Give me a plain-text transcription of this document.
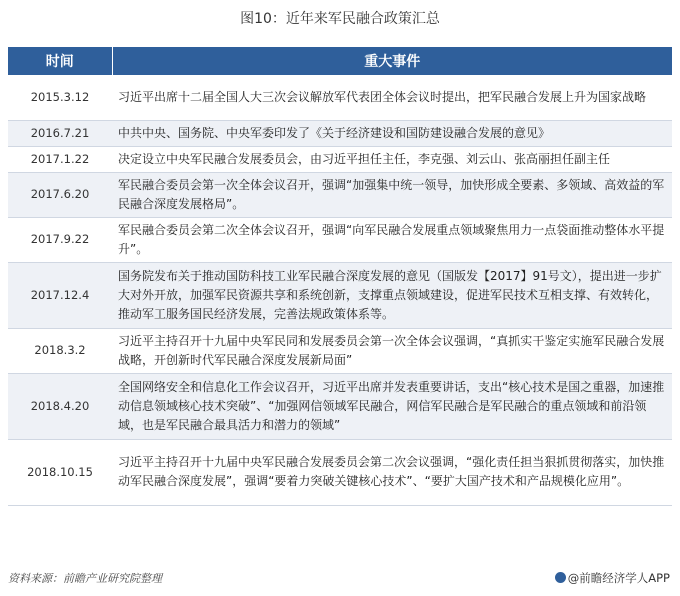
图10：近年来军民融合政策汇总
时间	重大事件
2015.3.12	习近平出席十二届全国人大三次会议解放军代表团全体会议时提出，把军民融合发展上升为国家战略
2016.7.21	中共中央、国务院、中央军委印发了《关于经济建设和国防建设融合发展的意见》
2017.1.22	决定设立中央军民融合发展委员会，由习近平担任主任，李克强、刘云山、张高丽担任副主任
2017.6.20	军民融合委员会第一次全体会议召开，强调“加强集中统一领导，加快形成全要素、多领域、高效益的军民融合深度发展格局”。
2017.9.22	军民融合委员会第二次全体会议召开，强调“向军民融合发展重点领域聚焦用力一点袋面推动整体水平提升”。
2017.12.4	国务院发布关于推动国防科技工业军民融合深度发展的意见（国版发【2017】91号文），提出进一步扩大对外开放，加强军民资源共享和系统创新，支撑重点领域建设，促进军民技术互相支撑、有效转化，推动军工服务国民经济发展，完善法规政策体系等。
2018.3.2	习近平主持召开十九届中央军民同和发展委员会第一次全体会议强调，“真抓实干鉴定实施军民融合发展战略，开创新时代军民融合深度发展新局面”
2018.4.20	全国网络安全和信息化工作会议召开，习近平出席并发表重要讲话，支出“核心技术是国之重器，加速推动信息领域核心技术突破”、“加强网信领域军民融合，网信军民融合是军民融合的重点领域和前沿领域，也是军民融合最具活力和潜力的领域”
2018.10.15	习近平主持召开十九届中央军民融合发展委员会第二次会议强调，“强化责任担当狠抓贯彻落实，加快推动军民融合深度发展”，强调“要着力突破关键核心技术”、“要扩大国产技术和产品规模化应用”。
资料来源：前瞻产业研究院整理	@前瞻经济学人APP
